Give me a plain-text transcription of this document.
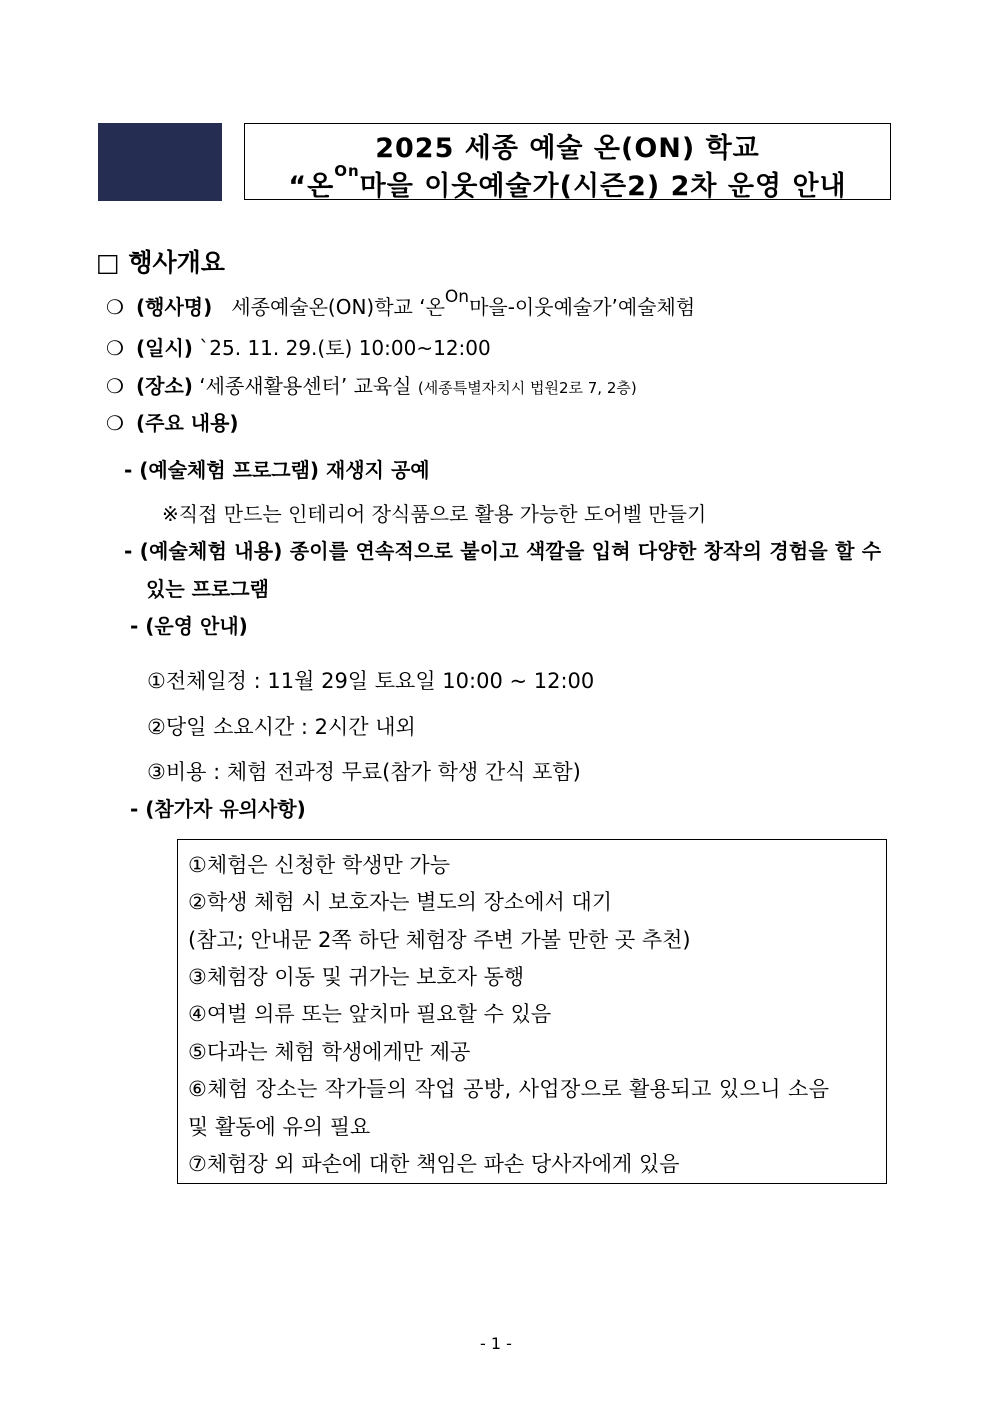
2025 세종 예술 온(ON) 학교
“온$^{On}$마을 이웃예술가(시즌2) 2차 운영 안내
□ 행사개요
❍ (행사명) 세종예술온(ON)학교 ‘온$^{On}$마을-이웃예술가’예술체험
❍ (일시) `25. 11. 29.(토) 10:00~12:00
❍ (장소) ‘세종새활용센터’ 교육실 (세종특별자치시 법원2로 7, 2층)
❍ (주요 내용)
- (예술체험 프로그램) 재생지 공예
※직접 만드는 인테리어 장식품으로 활용 가능한 도어벨 만들기
- (예술체험 내용) 종이를 연속적으로 붙이고 색깔을 입혀 다양한 창작의 경험을 할 수
있는 프로그램
- (운영 안내)
①전체일정 : 11월 29일 토요일 10:00 ~ 12:00
②당일 소요시간 : 2시간 내외
③비용 : 체험 전과정 무료(참가 학생 간식 포함)
- (참가자 유의사항)
①체험은 신청한 학생만 가능
②학생 체험 시 보호자는 별도의 장소에서 대기
(참고; 안내문 2쪽 하단 체험장 주변 가볼 만한 곳 추천)
③체험장 이동 및 귀가는 보호자 동행
④여벌 의류 또는 앞치마 필요할 수 있음
⑤다과는 체험 학생에게만 제공
⑥체험 장소는 작가들의 작업 공방, 사업장으로 활용되고 있으니 소음
및 활동에 유의 필요
⑦체험장 외 파손에 대한 책임은 파손 당사자에게 있음
- 1 -
